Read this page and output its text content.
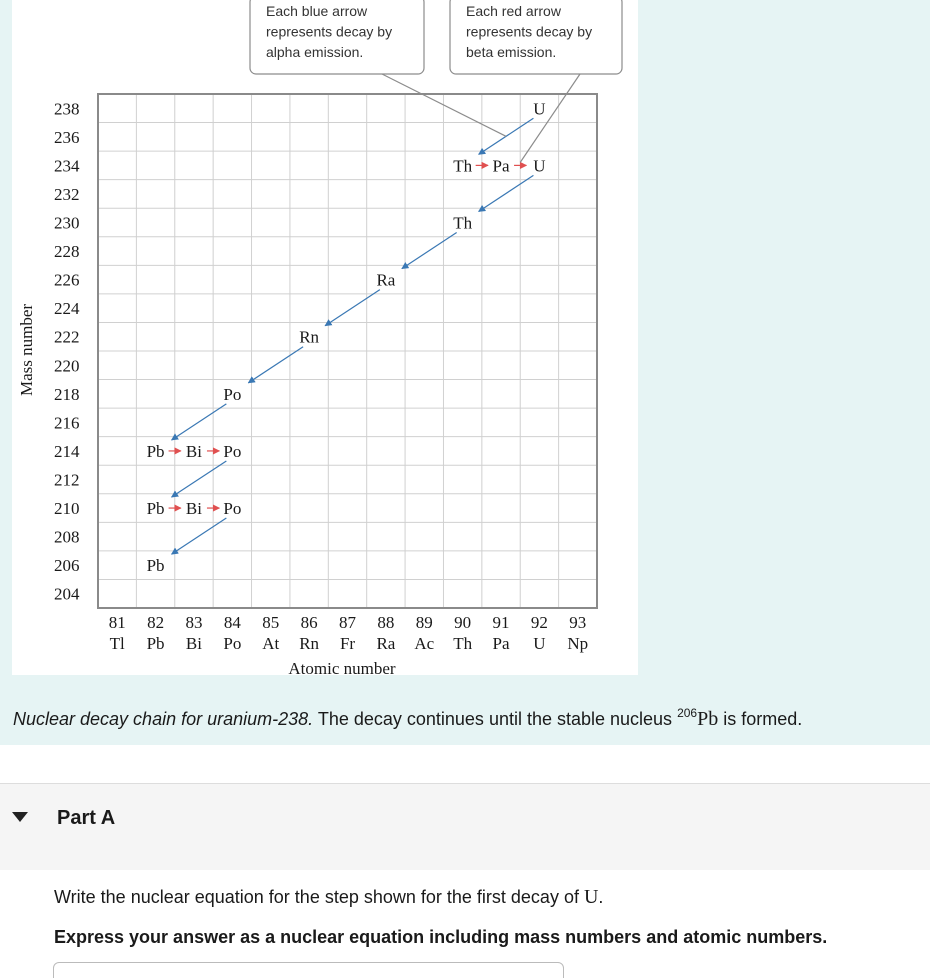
U
Th Pa U
Th
Ra
Rn
Po
Pb Bi Po
Pb Bi Po
Pb
238
236
234
232
230
228
226
224
222
220
218
216
214
212
210
208
206
204
81
Tl
82
Pb
83
Bi
84
Po
85
At
86
Rn
87
Fr
88
Ra
89
Ac
90
Th
91
Pa
92
U
93
Np
Mass number
Atomic number
Each blue arrow
represents decay by
alpha emission.
Each red arrow
represents decay by
beta emission.

Nuclear decay chain for uranium-238. The decay continues until the stable nucleus $^{206}$Pb is formed.

Part A

Write the nuclear equation for the step shown for the first decay of U.

Express your answer as a nuclear equation including mass numbers and atomic numbers.
